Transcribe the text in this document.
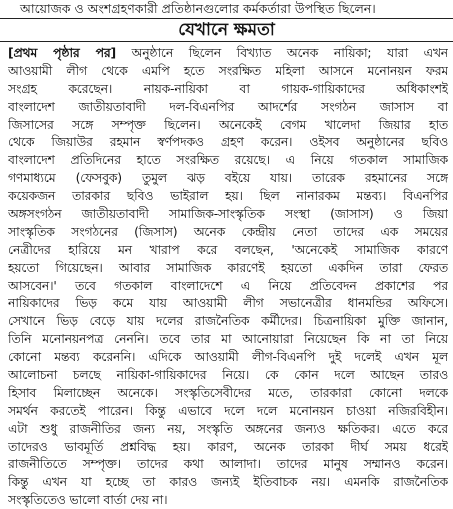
আয়োজক ও অংশগ্রহণকারী প্রতিষ্ঠানগুলোর কর্মকর্তারা উপস্থিত ছিলেন।
যেখানে ক্ষমতা
[প্রথম পৃষ্ঠার পর] অনুষ্ঠানে ছিলেন বিখ্যাত অনেক নায়িকা; যারা এখন
আওয়ামী লীগ থেকে এমপি হতে সংরক্ষিত মহিলা আসনে মনোনয়ন ফরম
সংগ্রহ করেছেন। নায়ক-নায়িকা বা গায়ক-গায়িকাদের অধিকাংশই
বাংলাদেশ জাতীয়তাবাদী দল-বিএনপির আদর্শের সংগঠন জাসাস বা
জিসাসের সঙ্গে সম্পৃক্ত ছিলেন। অনেকেই বেগম খালেদা জিয়ার হাত
থেকে জিয়াউর রহমান স্বর্ণপদকও গ্রহণ করেন। ওইসব অনুষ্ঠানের ছবিও
বাংলাদেশ প্রতিদিনের হাতে সংরক্ষিত রয়েছে। এ নিয়ে গতকাল সামাজিক
গণমাধ্যমে (ফেসবুক) তুমুল ঝড় বইয়ে যায়। তারেক রহমানের সঙ্গে
কয়েকজন তারকার ছবিও ভাইরাল হয়। ছিল নানারকম মন্তব্য। বিএনপির
অঙ্গসংগঠন জাতীয়তাবাদী সামাজিক-সাংস্কৃতিক সংস্থা (জাসাস) ও জিয়া
সাংস্কৃতিক সংগঠনের (জিসাস) অনেক কেন্দ্রীয় নেতা তাদের এক সময়ের
নেত্রীদের হারিয়ে মন খারাপ করে বলছেন, 'অনেকেই সামাজিক কারণে
হয়তো গিয়েছেন। আবার সামাজিক কারণেই হয়তো একদিন তারা ফেরত
আসবেন।' তবে গতকাল বাংলাদেশে এ নিয়ে প্রতিবেদন প্রকাশের পর
নায়িকাদের ভিড় কমে যায় আওয়ামী লীগ সভানেত্রীর ধানমন্ডির অফিসে।
সেখানে ভিড় বেড়ে যায় দলের রাজনৈতিক কর্মীদের। চিত্রনায়িকা মুক্তি জানান,
তিনি মনোনয়নপত্র নেননি। তবে তার মা আনোয়ারা নিয়েছেন কি না তা নিয়ে
কোনো মন্তব্য করেননি। এদিকে আওয়ামী লীগ-বিএনপি দুই দলেই এখন মূল
আলোচনা চলছে নায়িকা-গায়িকাদের নিয়ে। কে কোন দলে আছেন তারও
হিসাব মিলাচ্ছেন অনেকে। সংস্কৃতিসেবীদের মতে, তারকারা কোনো দলকে
সমর্থন করতেই পারেন। কিন্তু এভাবে দলে দলে মনোনয়ন চাওয়া নজিরবিহীন।
এটা শুধু রাজনীতির জন্য নয়, সংস্কৃতি অঙ্গনের জন্যও ক্ষতিকর। এতে করে
তাদেরও ভাবমূর্তি প্রশ্নবিদ্ধ হয়। কারণ, অনেক তারকা দীর্ঘ সময় ধরেই
রাজনীতিতে সম্পৃক্ত। তাদের কথা আলাদা। তাদের মানুষ সম্মানও করেন।
কিন্তু এখন যা হচ্ছে তা কারও জন্যই ইতিবাচক নয়। এমনকি রাজনৈতিক
সংস্কৃতিতেও ভালো বার্তা দেয় না।
